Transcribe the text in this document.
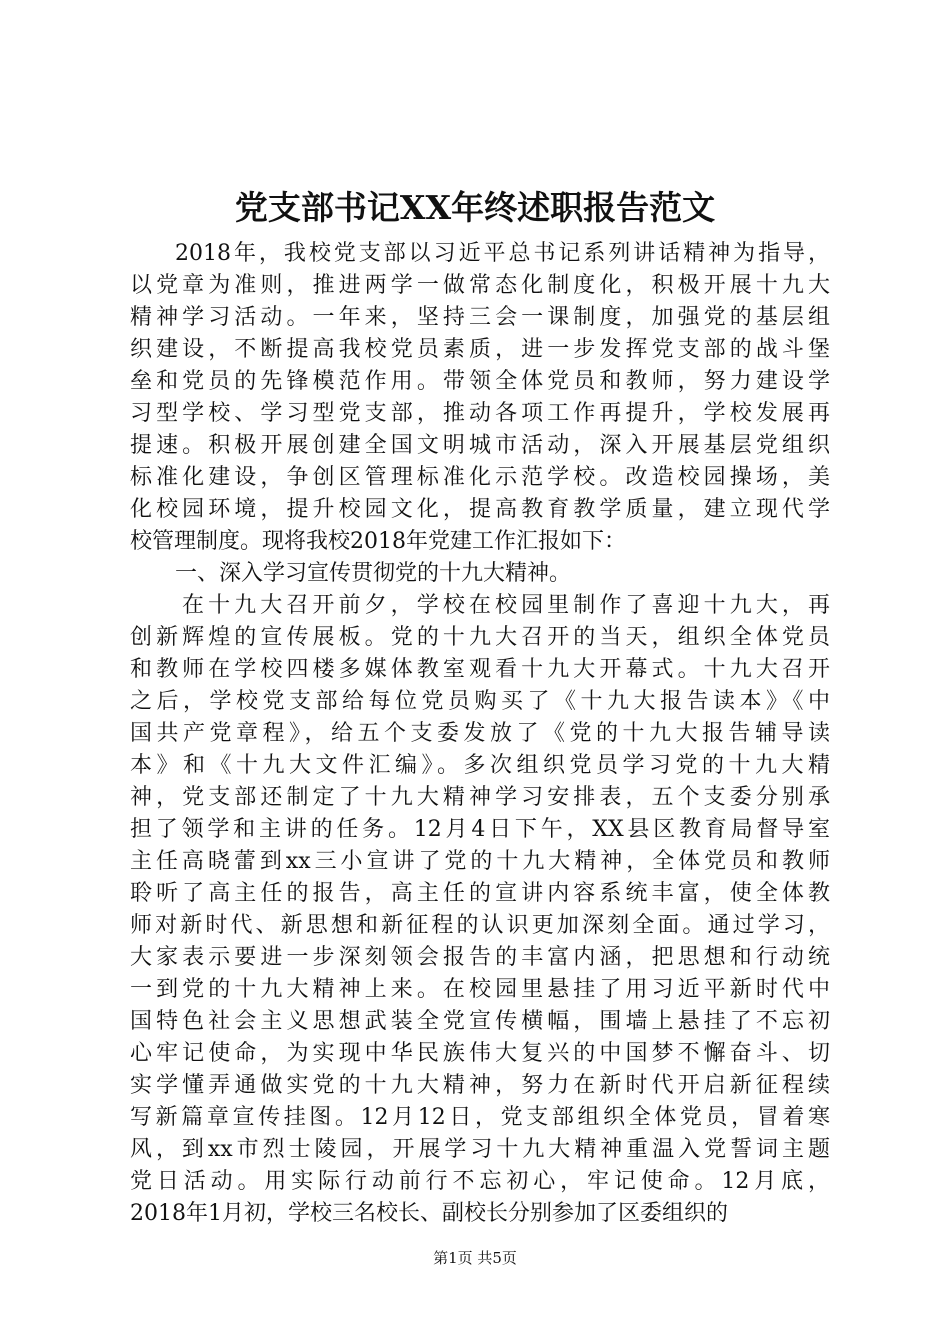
党支部书记XX年终述职报告范文
2018年，我校党支部以习近平总书记系列讲话精神为指导，
以党章为准则，推进两学一做常态化制度化，积极开展十九大
精神学习活动。一年来，坚持三会一课制度，加强党的基层组
织建设，不断提高我校党员素质，进一步发挥党支部的战斗堡
垒和党员的先锋模范作用。带领全体党员和教师，努力建设学
习型学校、学习型党支部，推动各项工作再提升，学校发展再
提速。积极开展创建全国文明城市活动，深入开展基层党组织
标准化建设，争创区管理标准化示范学校。改造校园操场，美
化校园环境，提升校园文化，提高教育教学质量，建立现代学
校管理制度。现将我校2018年党建工作汇报如下：
一、深入学习宣传贯彻党的十九大精神。
在十九大召开前夕，学校在校园里制作了喜迎十九大，再
创新辉煌的宣传展板。党的十九大召开的当天，组织全体党员
和教师在学校四楼多媒体教室观看十九大开幕式。十九大召开
之后，学校党支部给每位党员购买了《十九大报告读本》《中
国共产党章程》，给五个支委发放了《党的十九大报告辅导读
本》和《十九大文件汇编》。多次组织党员学习党的十九大精
神，党支部还制定了十九大精神学习安排表，五个支委分别承
担了领学和主讲的任务。12月4日下午，XX县区教育局督导室
主任高晓蕾到xx三小宣讲了党的十九大精神，全体党员和教师
聆听了高主任的报告，高主任的宣讲内容系统丰富，使全体教
师对新时代、新思想和新征程的认识更加深刻全面。通过学习，
大家表示要进一步深刻领会报告的丰富内涵，把思想和行动统
一到党的十九大精神上来。在校园里悬挂了用习近平新时代中
国特色社会主义思想武装全党宣传横幅，围墙上悬挂了不忘初
心牢记使命，为实现中华民族伟大复兴的中国梦不懈奋斗、切
实学懂弄通做实党的十九大精神，努力在新时代开启新征程续
写新篇章宣传挂图。12月12日，党支部组织全体党员，冒着寒
风，到xx市烈士陵园，开展学习十九大精神重温入党誓词主题
党日活动。用实际行动前行不忘初心，牢记使命。12月底，
2018年1月初，学校三名校长、副校长分别参加了区委组织的
第1页 共5页
